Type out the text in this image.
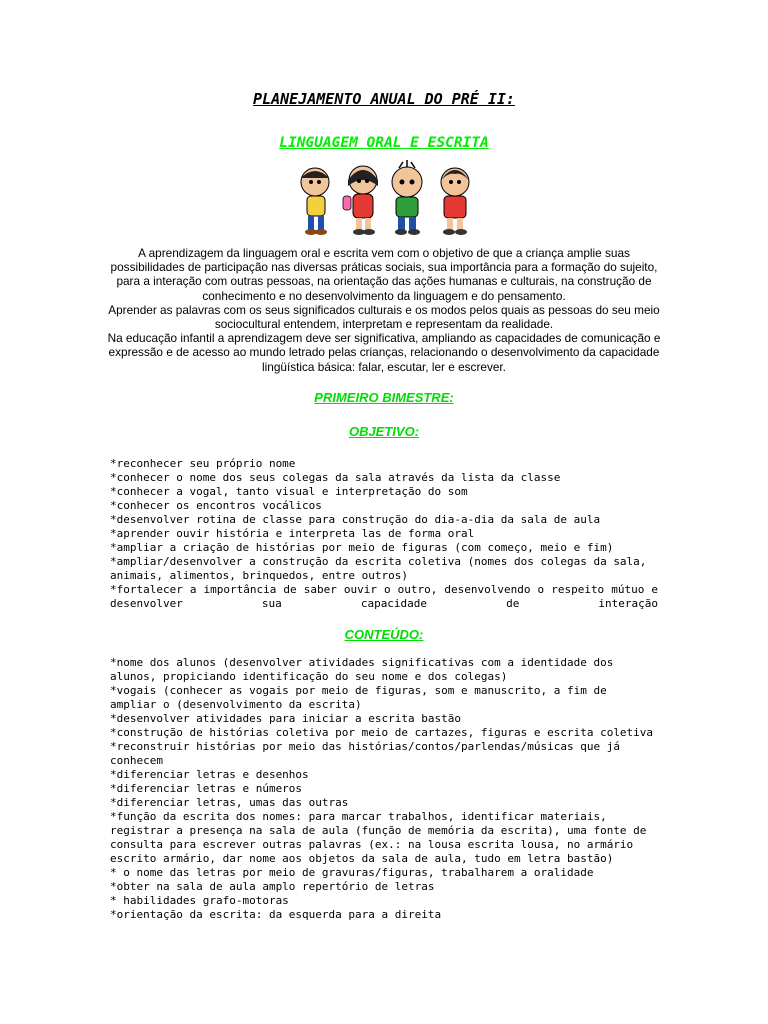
PLANEJAMENTO ANUAL DO PRÉ II:
LINGUAGEM ORAL E ESCRITA

A aprendizagem da linguagem oral e escrita vem com o objetivo de que a criança amplie suas possibilidades de participação nas diversas práticas sociais, sua importância para a formação do sujeito, para a interação com outras pessoas, na orientação das ações humanas e culturais, na construção de conhecimento e no desenvolvimento da linguagem e do pensamento.

Aprender as palavras com os seus significados culturais e os modos pelos quais as pessoas do seu meio sociocultural entendem, interpretam e representam da realidade.

Na educação infantil a aprendizagem deve ser significativa, ampliando as capacidades de comunicação e expressão e de acesso ao mundo letrado pelas crianças, relacionando o desenvolvimento da capacidade lingüística básica: falar, escutar, ler e escrever.

PRIMEIRO BIMESTRE:
OBJETIVO:
*reconhecer seu próprio nome
*conhecer o nome dos seus colegas da sala através da lista da classe
*conhecer a vogal, tanto visual e interpretação do som
*conhecer os encontros vocálicos
*desenvolver rotina de classe para construção do dia-a-dia da sala de aula
*aprender ouvir história e interpreta las de forma oral
*ampliar a criação de histórias por meio de figuras (com começo, meio e fim)
*ampliar/desenvolver a construção da escrita coletiva (nomes dos colegas da sala, animais, alimentos, brinquedos, entre outros)
*fortalecer a importância de saber ouvir o outro, desenvolvendo o respeito mútuo e desenvolver sua capacidade de interação
CONTEÚDO:
*nome dos alunos (desenvolver atividades significativas com a identidade dos alunos, propiciando identificação do seu nome e dos colegas)
*vogais (conhecer as vogais por meio de figuras, som e manuscrito, a fim de ampliar o (desenvolvimento da escrita)
*desenvolver atividades para iniciar a escrita bastão
*construção de histórias coletiva por meio de cartazes, figuras e escrita coletiva
*reconstruir histórias por meio das histórias/contos/parlendas/músicas que já conhecem
*diferenciar letras e desenhos
*diferenciar letras e números
*diferenciar letras, umas das outras
*função da escrita dos nomes: para marcar trabalhos, identificar materiais, registrar a presença na sala de aula (função de memória da escrita), uma fonte de consulta para escrever outras palavras (ex.: na lousa escrita lousa, no armário escrito armário, dar nome aos objetos da sala de aula, tudo em letra bastão)
* o nome das letras por meio de gravuras/figuras, trabalharem a oralidade
*obter na sala de aula amplo repertório de letras
* habilidades grafo-motoras
*orientação da escrita: da esquerda para a direita
